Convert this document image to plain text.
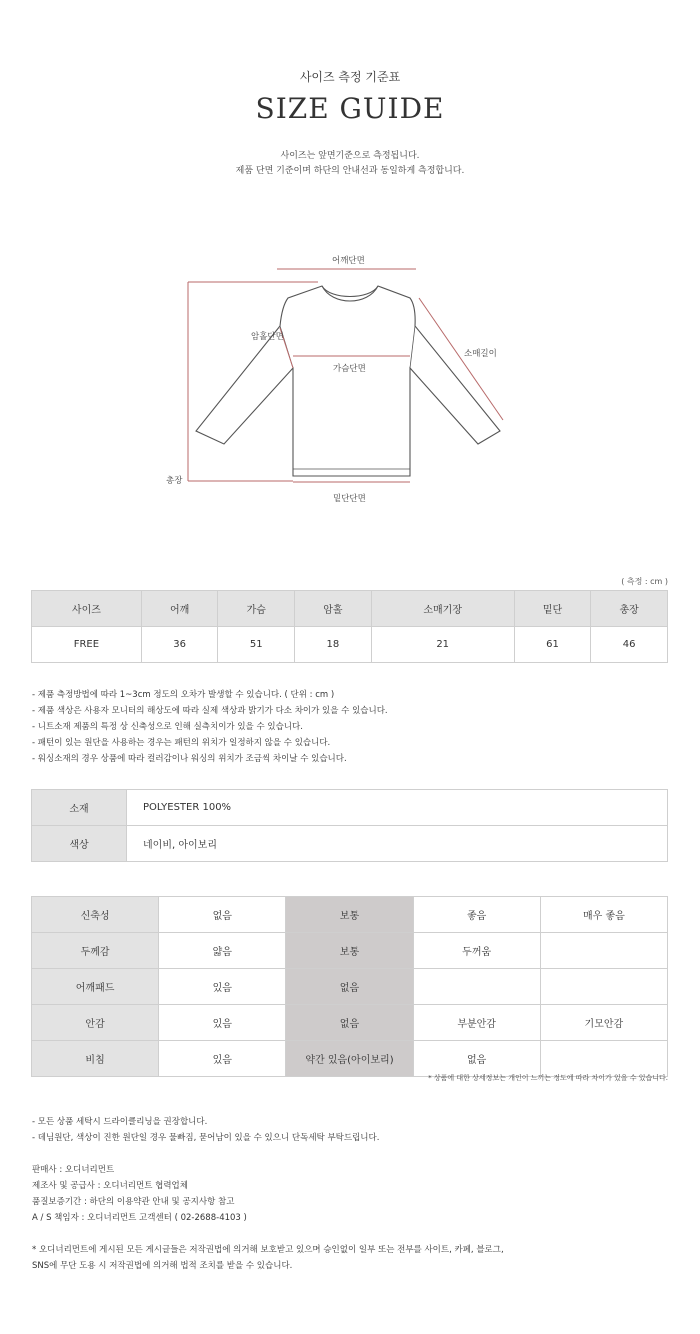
사이즈 측정 기준표
SIZE GUIDE
사이즈는 앞면기준으로 측정됩니다.
제품 단면 기준이며 하단의 안내선과 동일하게 측정합니다.
어깨단면
암홀단면
가슴단면
소매길이
총장
밑단단면
( 측정 : cm )
사이즈	어깨	가슴	암홀	소매기장	밑단	총장
FREE	36	51	18	21	61	46
- 제품 측정방법에 따라 1~3cm 정도의 오차가 발생할 수 있습니다. ( 단위 : cm )
- 제품 색상은 사용자 모니터의 해상도에 따라 실제 색상과 밝기가 다소 차이가 있을 수 있습니다.
- 니트소재 제품의 특정 상 신축성으로 인해 실측치이가 있을 수 있습니다.
- 패턴이 있는 원단을 사용하는 경우는 패턴의 위치가 일정하지 않을 수 있습니다.
- 워싱소재의 경우 상품에 따라 컬러감이나 워싱의 위치가 조금씩 차이날 수 있습니다.
소재	POLYESTER 100%
색상	네이비, 아이보리
신축성	없음	보통	좋음	매우 좋음
두께감	얇음	보통	두꺼움	
어깨패드	있음	없음		
안감	있음	없음	부분안감	기모안감
비침	있음	약간 있음(아이보리)	없음	
* 상품에 대한 상세정보는 개인이 느끼는 정도에 따라 차이가 있을 수 있습니다.
- 모든 상품 세탁시 드라이클리닝을 권장합니다.
- 데님원단, 색상이 진한 원단일 경우 물빠짐, 묻어남이 있을 수 있으니 단독세탁 부탁드립니다.
판매사 : 오디너리먼트
제조사 및 공급사 : 오디너리먼트 협력업체
품질보증기간 : 하단의 이용약관 안내 및 공지사항 참고
A / S 책임자 : 오디너리먼트 고객센터 ( 02-2688-4103 )
* 오디너리먼트에 게시된 모든 게시글들은 저작권법에 의거해 보호받고 있으며 승인없이 일부 또는 전부를 사이트, 카페, 블로그,
SNS에 무단 도용 시 저작권법에 의거해 법적 조치를 받을 수 있습니다.
